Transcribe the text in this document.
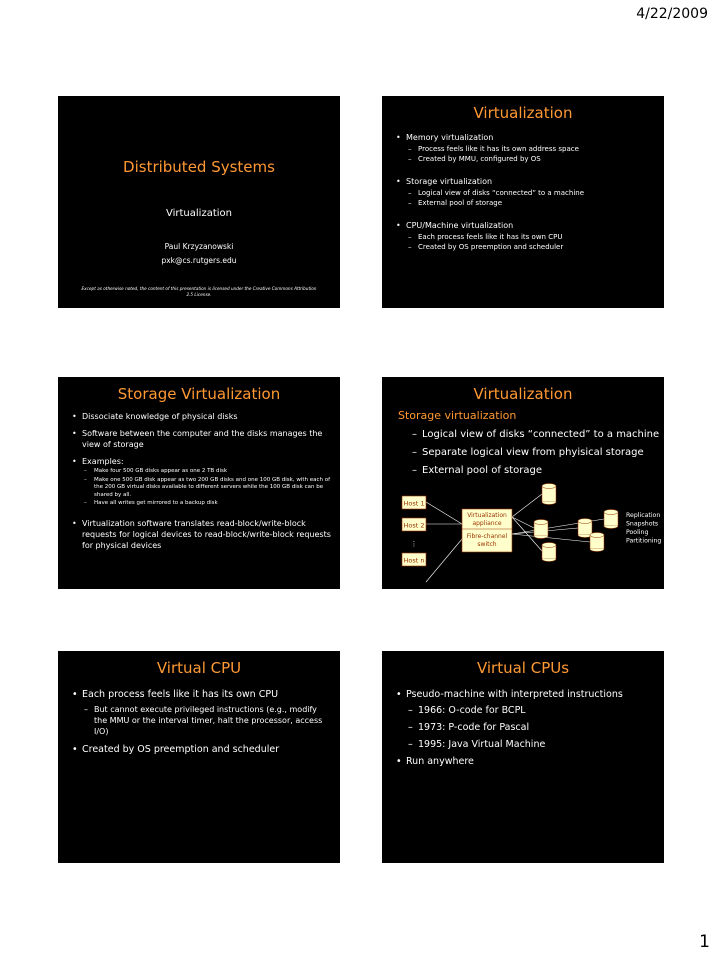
4/22/2009
Distributed Systems
Virtualization
Paul Krzyzanowski
pxk@cs.rutgers.edu
Except as otherwise noted, the content of this presentation is licensed under the Creative Commons Attribution 2.5 License.
Virtualization
• Memory virtualization
– Process feels like it has its own address space
– Created by MMU, configured by OS
• Storage virtualization
– Logical view of disks “connected” to a machine
– External pool of storage
• CPU/Machine virtualization
– Each process feels like it has its own CPU
– Created by OS preemption and scheduler
Storage Virtualization
• Dissociate knowledge of physical disks
• Software between the computer and the disks manages the view of storage
• Examples:
– Make four 500 GB disks appear as one 2 TB disk
– Make one 500 GB disk appear as two 200 GB disks and one 100 GB disk, with each of the 200 GB virtual disks available to different servers while the 100 GB disk can be shared by all.
– Have all writes get mirrored to a backup disk
• Virtualization software translates read-block/write-block requests for logical devices to read-block/write-block requests for physical devices
Virtualization
Storage virtualization
– Logical view of disks “connected” to a machine
– Separate logical view from phyisical storage
– External pool of storage
Host 1
Host 2
⋮
Host n
Virtualization
appliance
Fibre-channel
switch
Replication
Snapshots
Pooling
Partitioning
Virtual CPU
• Each process feels like it has its own CPU
– But cannot execute privileged instructions (e.g., modify the MMU or the interval timer, halt the processor, access I/O)
• Created by OS preemption and scheduler
Virtual CPUs
• Pseudo-machine with interpreted instructions
– 1966: O-code for BCPL
– 1973: P-code for Pascal
– 1995: Java Virtual Machine
• Run anywhere
1
